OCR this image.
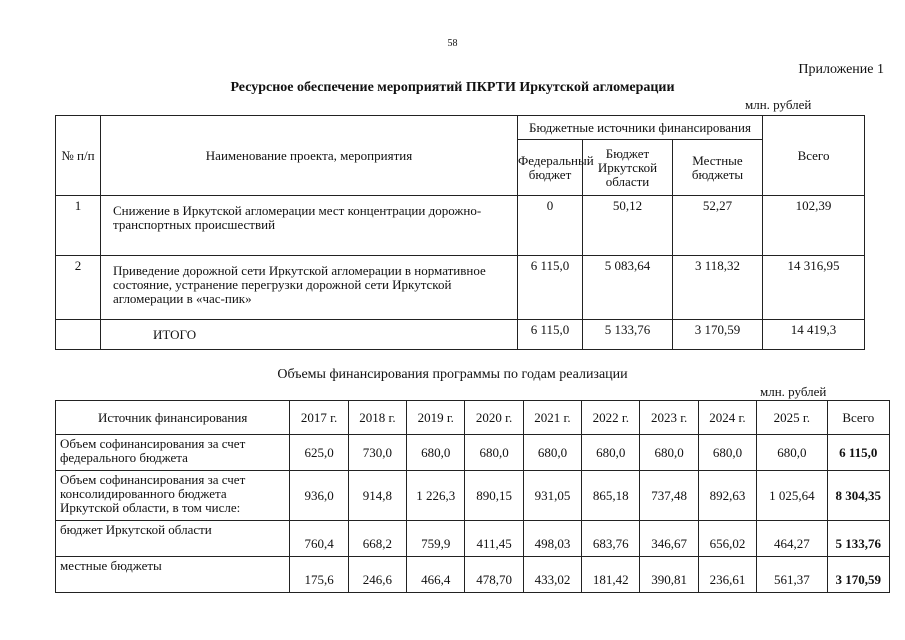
58
Приложение 1
Ресурсное обеспечение мероприятий ПКРТИ Иркутской агломерации
млн. рублей
№ п/п	Наименование проекта, мероприятия	Бюджетные источники финансирования			Всего
		Федеральный бюджет	Бюджет Иркутской области	Местные бюджеты	
1	Снижение в Иркутской агломерации мест концентрации дорожно-транспортных происшествий	0	50,12	52,27	102,39
2	Приведение дорожной сети Иркутской агломерации в нормативное состояние, устранение перегрузки дорожной сети Иркутской агломерации в «час-пик»	6 115,0	5 083,64	3 118,32	14 316,95
	ИТОГО	6 115,0	5 133,76	3 170,59	14 419,3
Объемы финансирования программы по годам реализации
млн. рублей
Источник финансирования	2017 г.	2018 г.	2019 г.	2020 г.	2021 г.	2022 г.	2023 г.	2024 г.	2025 г.	Всего
Объем софинансирования за счет федерального бюджета	625,0	730,0	680,0	680,0	680,0	680,0	680,0	680,0	680,0	6 115,0
Объем софинансирования за счет консолидированного бюджета Иркутской области, в том числе:	936,0	914,8	1 226,3	890,15	931,05	865,18	737,48	892,63	1 025,64	8 304,35
бюджет Иркутской области	760,4	668,2	759,9	411,45	498,03	683,76	346,67	656,02	464,27	5 133,76
местные бюджеты	175,6	246,6	466,4	478,70	433,02	181,42	390,81	236,61	561,37	3 170,59
